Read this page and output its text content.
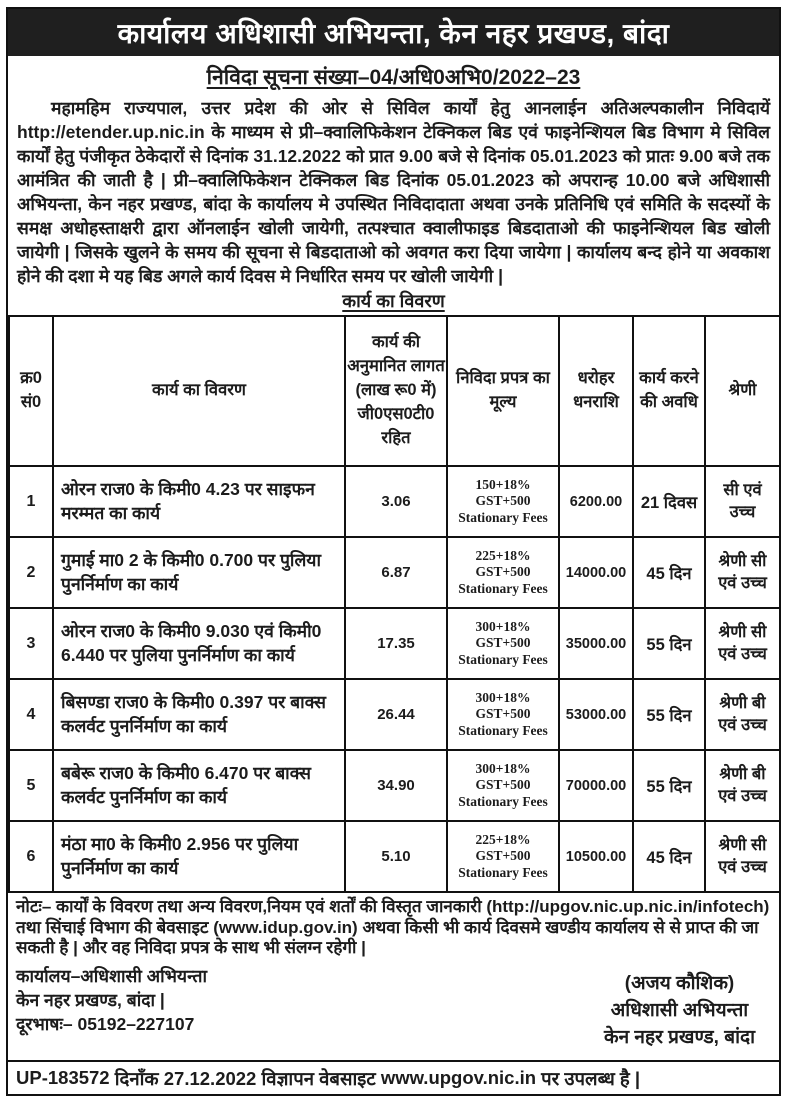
कार्यालय अधिशासी अभियन्ता, केन नहर प्रखण्ड, बांदा
निविदा सूचना संख्या–04/अधि0अभि0/2022–23

महामहिम राज्यपाल, उत्तर प्रदेश की ओर से सिविल कार्यों हेतु आनलाईन अतिअल्पकालीन निविदायें http://etender.up.nic.in के माध्यम से प्री–क्वालिफिकेशन टेक्निकल बिड एवं फाइनेन्शियल बिड विभाग मे सिविल कार्यों हेतु पंजीकृत ठेकेदारों से दिनांक 31.12.2022 को प्रात 9.00 बजे से दिनांक 05.01.2023 को प्रातः 9.00 बजे तक आमंत्रित की जाती है | प्री–क्वालिफिकेशन टेक्निकल बिड दिनांक 05.01.2023 को अपरान्ह 10.00 बजे अधिशासी अभियन्ता, केन नहर प्रखण्ड, बांदा के कार्यालय मे उपस्थित निविदादाता अथवा उनके प्रतिनिधि एवं समिति के सदस्यों के समक्ष अधोहस्ताक्षरी द्वारा ऑनलाईन खोली जायेगी, तत्पश्चात क्वालीफाइड बिडदाताओ की फाइनेन्शियल बिड खोली जायेगी | जिसके खुलने के समय की सूचना से बिडदाताओ को अवगत करा दिया जायेगा | कार्यालय बन्द होने या अवकाश होने की दशा मे यह बिड अगले कार्य दिवस मे निर्धारित समय पर खोली जायेगी |

कार्य का विवरण
क्र0 सं0	कार्य का विवरण	कार्य की अनुमानित लागत (लाख रू0 में) जी0एस0टी0 रहित	निविदा प्रपत्र का मूल्य	धरोहर धनराशि	कार्य करने की अवधि	श्रेणी
1	ओरन राज0 के किमी0 4.23 पर साइफन मरम्मत का कार्य	3.06	150+18%
GST+500
Stationary Fees	6200.00	21 दिवस	सी एवं उच्च
2	गुमाई मा0 2 के किमी0 0.700 पर पुलिया पुनर्निर्माण का कार्य	6.87	225+18%
GST+500
Stationary Fees	14000.00	45 दिन	श्रेणी सी एवं उच्च
3	ओरन राज0 के किमी0 9.030 एवं किमी0 6.440 पर पुलिया पुनर्निर्माण का कार्य	17.35	300+18%
GST+500
Stationary Fees	35000.00	55 दिन	श्रेणी सी एवं उच्च
4	बिसण्डा राज0 के किमी0 0.397 पर बाक्स कलर्वट पुनर्निर्माण का कार्य	26.44	300+18%
GST+500
Stationary Fees	53000.00	55 दिन	श्रेणी बी एवं उच्च
5	बबेरू राज0 के किमी0 6.470 पर बाक्स कलर्वट पुनर्निर्माण का कार्य	34.90	300+18%
GST+500
Stationary Fees	70000.00	55 दिन	श्रेणी बी एवं उच्च
6	मंठा मा0 के किमी0 2.956 पर पुलिया पुनर्निर्माण का कार्य	5.10	225+18%
GST+500
Stationary Fees	10500.00	45 दिन	श्रेणी सी एवं उच्च

नोटः– कार्यों के विवरण तथा अन्य विवरण,नियम एवं शर्तों की विस्तृत जानकारी (http://upgov.nic.up.nic.in/infotech) तथा सिंचाई विभाग की बेवसाइट (www.idup.gov.in) अथवा किसी भी कार्य दिवसमे खण्डीय कार्यालय से से प्राप्त की जा सकती है | और वह निविदा प्रपत्र के साथ भी संलग्न रहेगी |

कार्यालय–अधिशासी अभियन्ता
केन नहर प्रखण्ड, बांदा |
दूरभाषः– 05192–227107
(अजय कौशिक)
अधिशासी अभियन्ता
केन नहर प्रखण्ड, बांदा
UP-183572 दिनाँक 27.12.2022 विज्ञापन वेबसाइट www.upgov.nic.in पर उपलब्ध है |
